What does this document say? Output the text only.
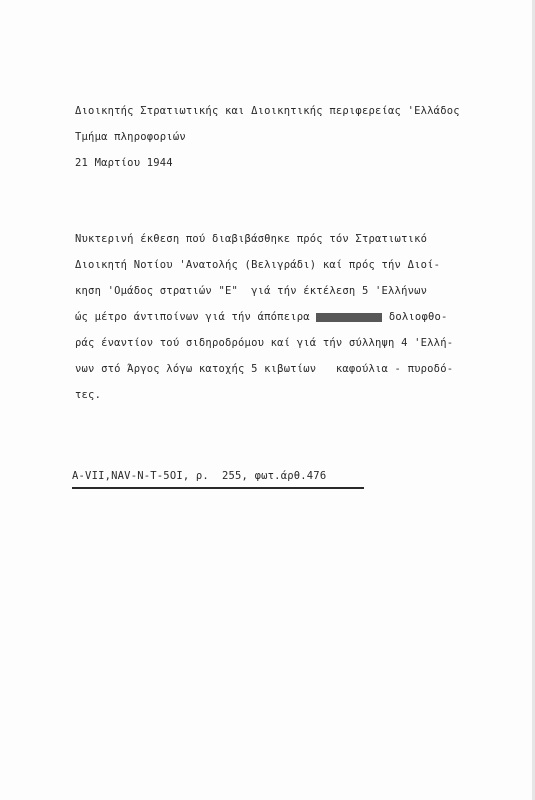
Διοικητής Στρατιωτικής και Διοικητικής περιφερείας 'Ελλάδος
Τμήμα πληροφοριών
21 Μαρτίου 1944
Νυκτερινή έκθεση πού διαβιβάσθηκε πρός τόν Στρατιωτικό
Διοικητή Νοτίου 'Ανατολής (Βελιγράδι) καί πρός τήν Διοί-
κηση 'Ομάδος στρατιών "Ε"  γιά τήν έκτέλεση 5 'Ελλήνων
ώς μέτρο άντιποίνων γιά τήν άπόπειρα	δολιοφθο-
ράς έναντίον τού σιδηροδρόμου καί γιά τήν σύλληψη 4 'Ελλή-
νων στό Άργος λόγω κατοχής 5 κιβωτίων   καφούλια - πυροδό-
τες.
A-VII,NAV-N-T-5OI, ρ.  255, φωτ.άρθ.476
